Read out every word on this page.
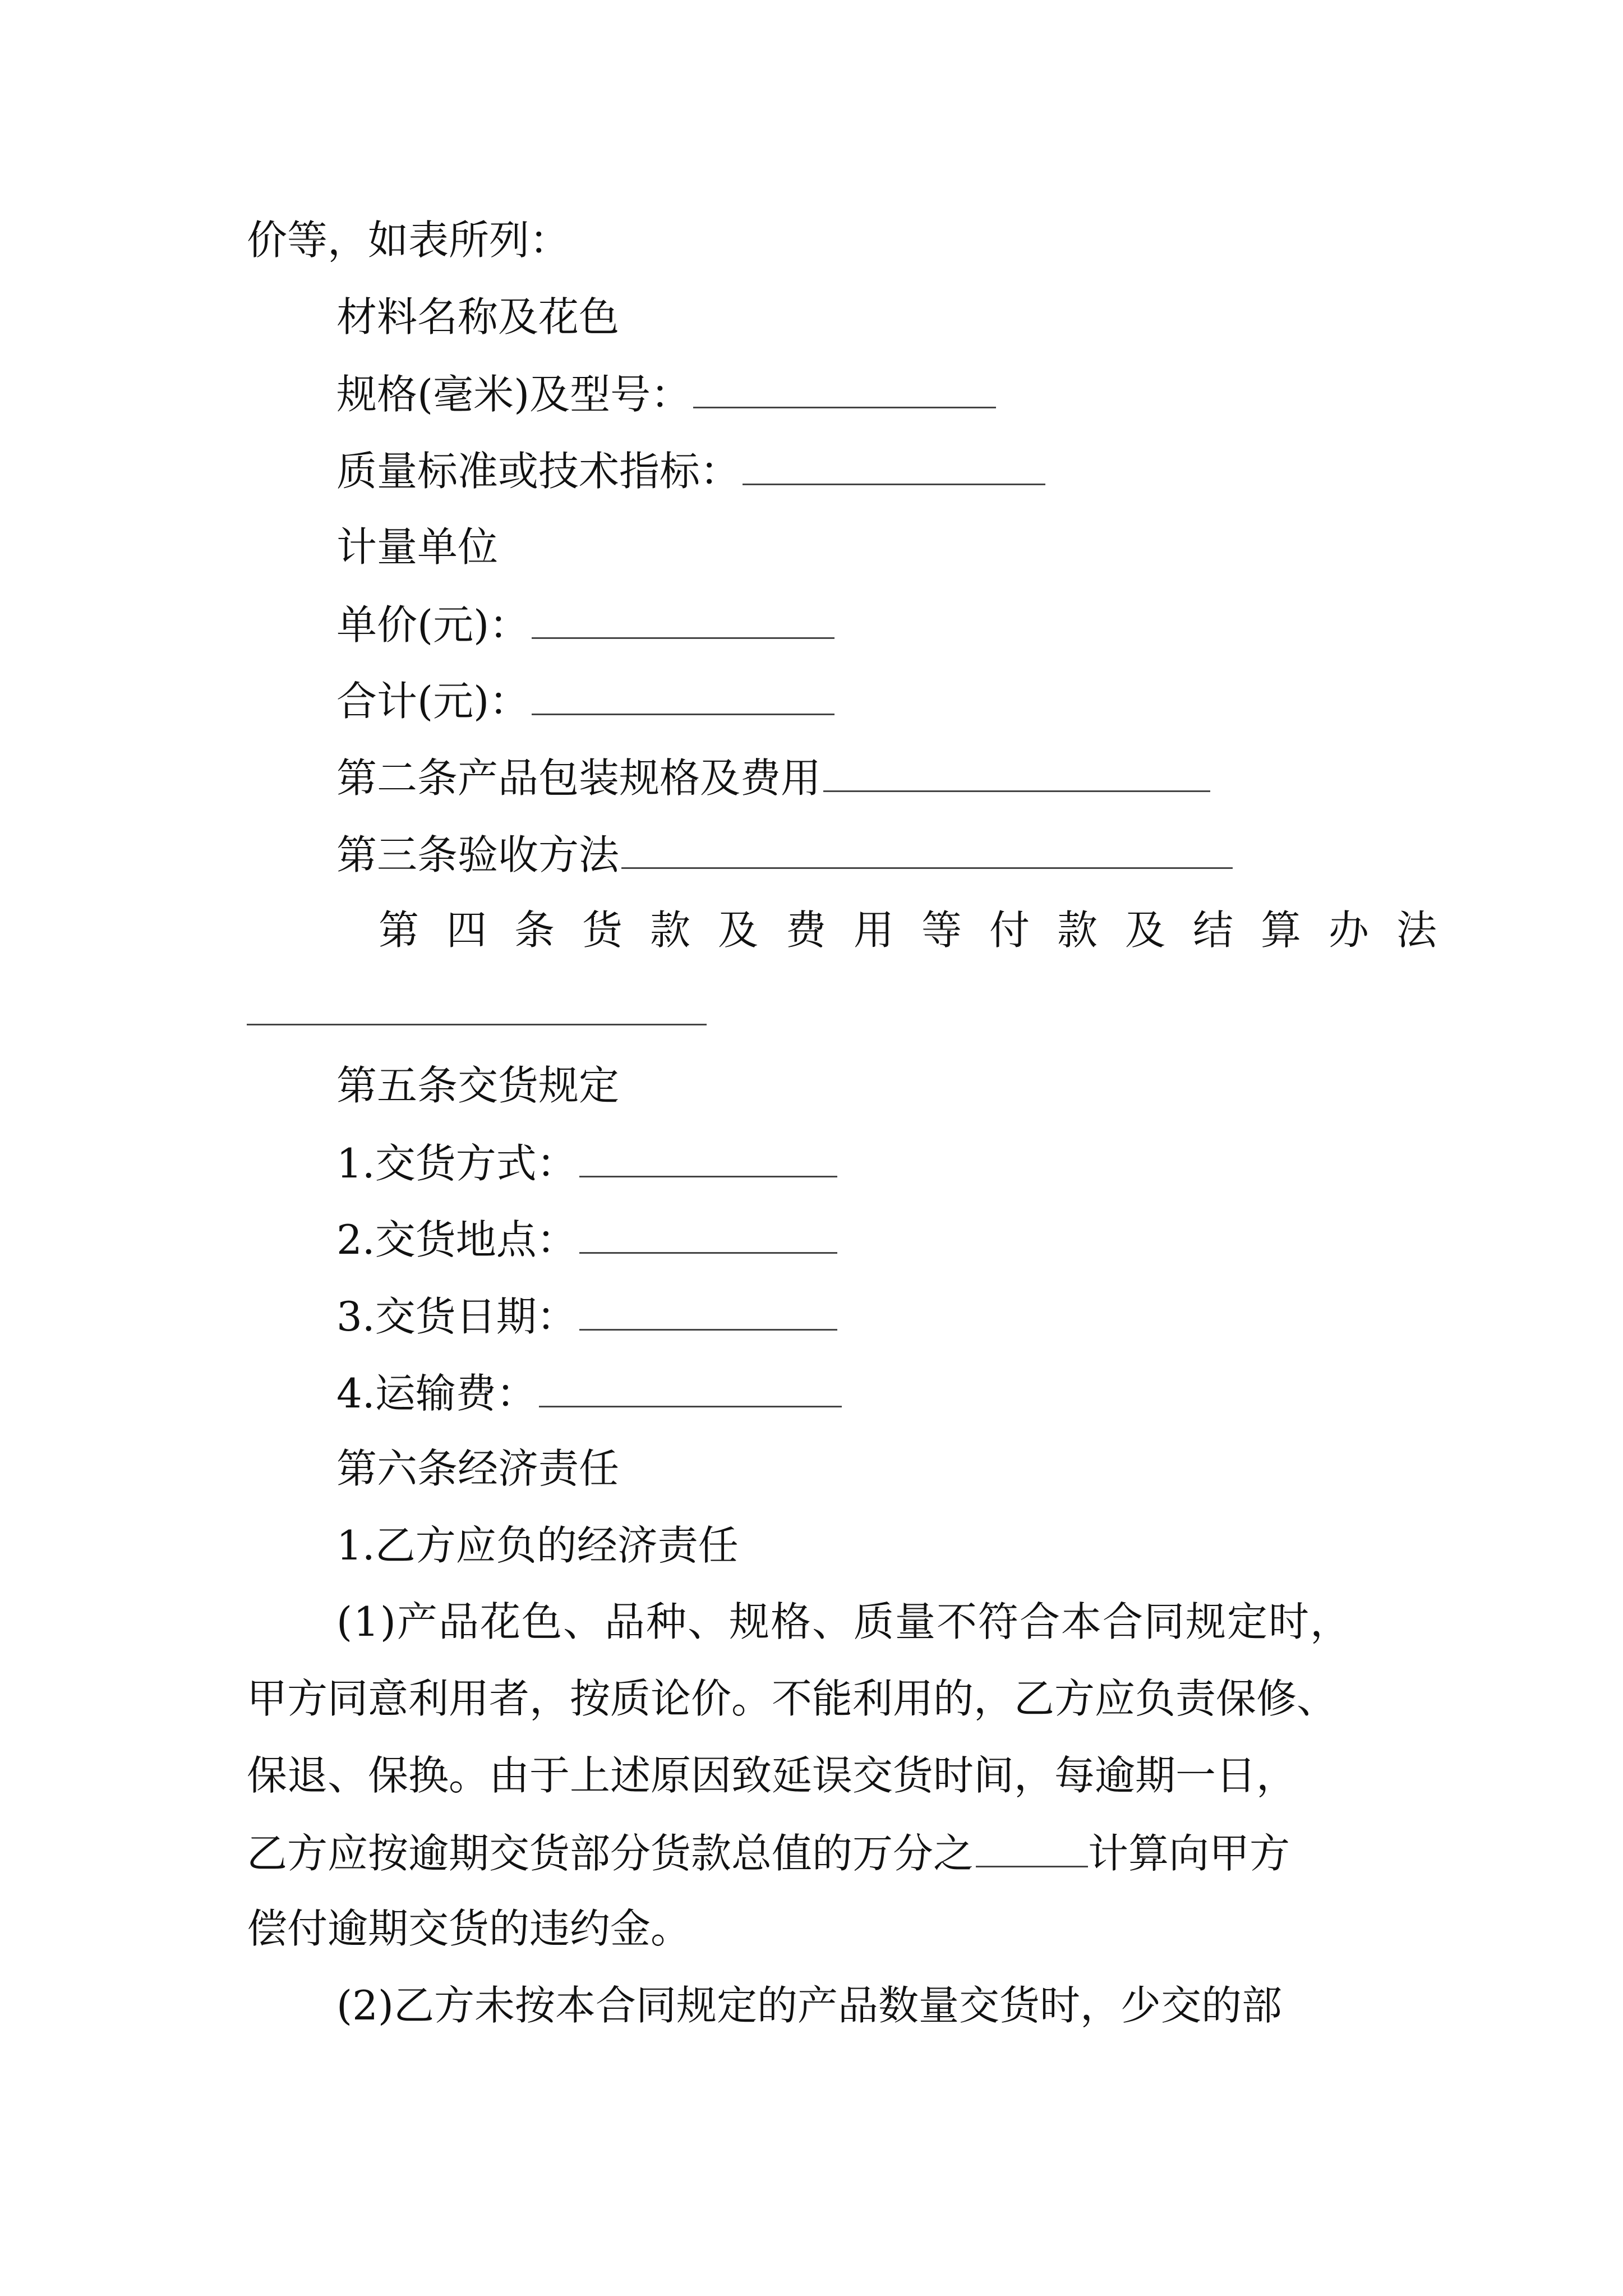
价等，如表所列：
材料名称及花色
规格(毫米)及型号：
质量标准或技术指标：
计量单位
单价(元)：
合计(元)：
第二条产品包装规格及费用
第三条验收方法
第四条货款及费用等付款及结算办法
第五条交货规定
1.交货方式：
2.交货地点：
3.交货日期：
4.运输费：
第六条经济责任
1.乙方应负的经济责任
(1)产品花色、品种、规格、质量不符合本合同规定时，
甲方同意利用者，按质论价。不能利用的，乙方应负责保修、
保退、保换。由于上述原因致延误交货时间，每逾期一日，
乙方应按逾期交货部分货款总值的万分之	计算向甲方
偿付逾期交货的违约金。
(2)乙方未按本合同规定的产品数量交货时，少交的部
